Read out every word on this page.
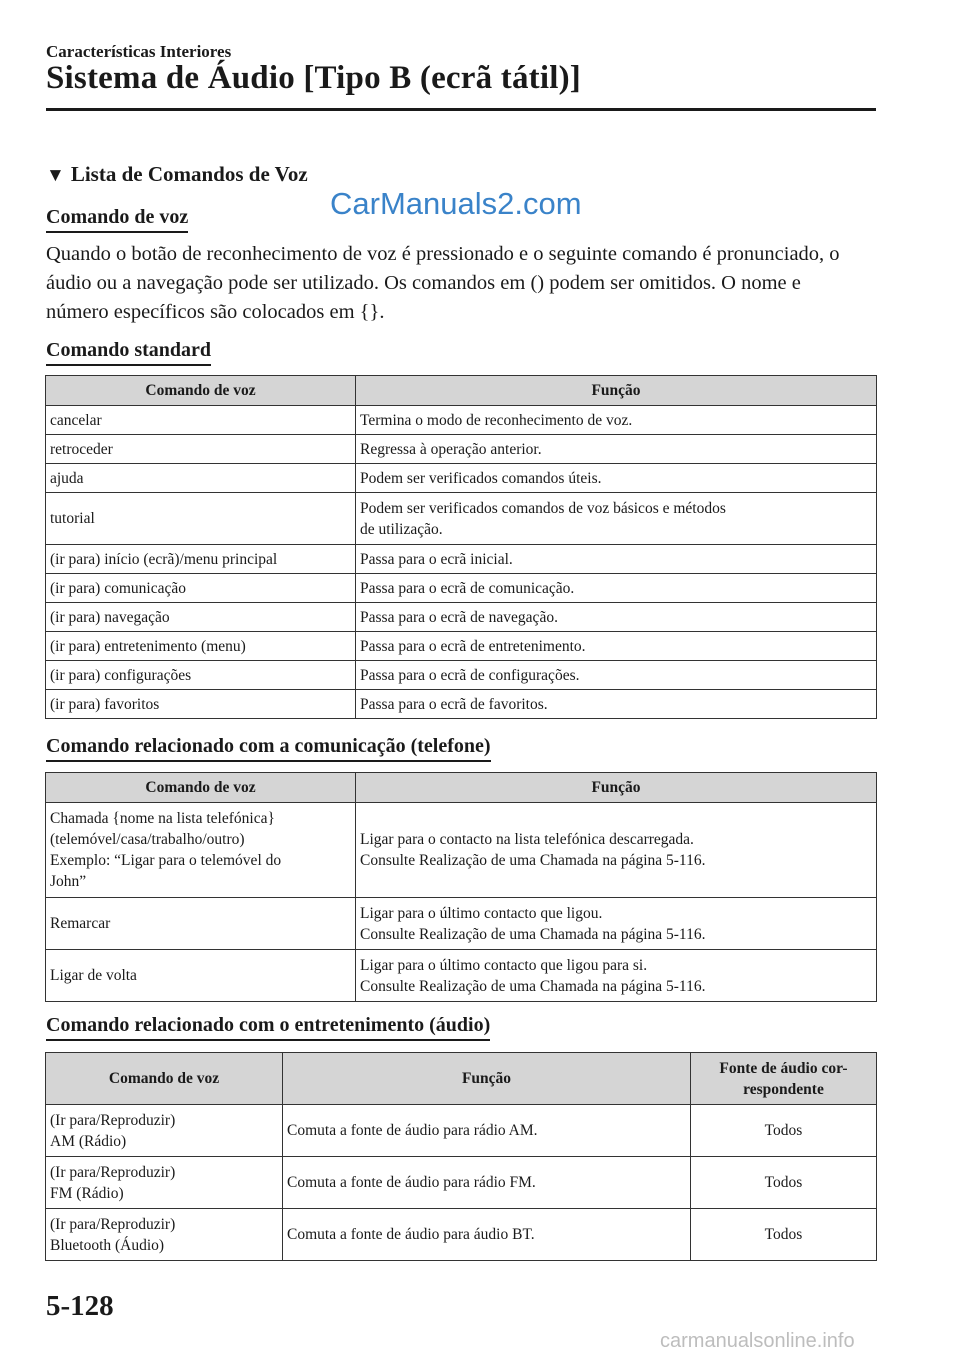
Características Interiores
Sistema de Áudio [Tipo B (ecrã tátil)]
▼ Lista de Comandos de Voz
Comando de voz	CarManuals2.com

Quando o botão de reconhecimento de voz é pressionado e o seguinte comando é pronunciado, o áudio ou a navegação pode ser utilizado. Os comandos em () podem ser omitidos. O nome e número específicos são colocados em {}.

Comando standard
Comando de voz	Função
cancelar	Termina o modo de reconhecimento de voz.
retroceder	Regressa à operação anterior.
ajuda	Podem ser verificados comandos úteis.
tutorial	Podem ser verificados comandos de voz básicos e métodos
de utilização.
(ir para) início (ecrã)/menu principal	Passa para o ecrã inicial.
(ir para) comunicação	Passa para o ecrã de comunicação.
(ir para) navegação	Passa para o ecrã de navegação.
(ir para) entretenimento (menu)	Passa para o ecrã de entretenimento.
(ir para) configurações	Passa para o ecrã de configurações.
(ir para) favoritos	Passa para o ecrã de favoritos.
Comando relacionado com a comunicação (telefone)
Comando de voz	Função
Chamada {nome na lista telefónica}
(telemóvel/casa/trabalho/outro)
Exemplo: “Ligar para o telemóvel do
John”	Ligar para o contacto na lista telefónica descarregada.
Consulte Realização de uma Chamada na página 5-116.
Remarcar	Ligar para o último contacto que ligou.
Consulte Realização de uma Chamada na página 5-116.
Ligar de volta	Ligar para o último contacto que ligou para si.
Consulte Realização de uma Chamada na página 5-116.
Comando relacionado com o entretenimento (áudio)
Comando de voz	Função	Fonte de áudio cor- respondente
(Ir para/Reproduzir)
AM (Rádio)	Comuta a fonte de áudio para rádio AM.	Todos
(Ir para/Reproduzir)
FM (Rádio)	Comuta a fonte de áudio para rádio FM.	Todos
(Ir para/Reproduzir)
Bluetooth (Áudio)	Comuta a fonte de áudio para áudio BT.	Todos
5-128
carmanualsonline.info
